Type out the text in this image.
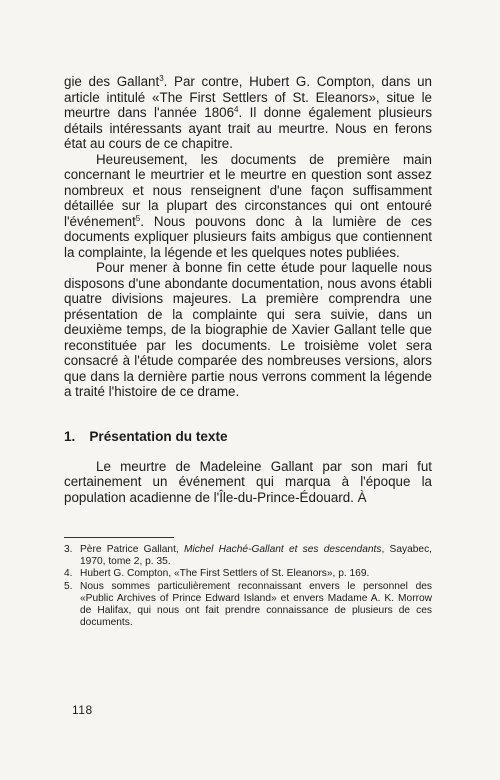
gie des Gallant$^3$. Par contre, Hubert G. Compton, dans un article intitulé «The First Settlers of St. Eleanors», situe le meurtre dans l'année 1806$^4$. Il donne également plusieurs détails intéressants ayant trait au meurtre. Nous en ferons état au cours de ce chapitre.

Heureusement, les documents de première main concernant le meurtrier et le meurtre en question sont assez nombreux et nous renseignent d'une façon suffisamment détaillée sur la plupart des circonstances qui ont entouré l'événement$^5$. Nous pouvons donc à la lumière de ces documents expliquer plusieurs faits ambigus que contiennent la complainte, la légende et les quelques notes publiées.

Pour mener à bonne fin cette étude pour laquelle nous disposons d'une abondante documentation, nous avons établi quatre divisions majeures. La première comprendra une présentation de la complainte qui sera suivie, dans un deuxième temps, de la biographie de Xavier Gallant telle que reconstituée par les documents. Le troisième volet sera consacré à l'étude comparée des nombreuses versions, alors que dans la dernière partie nous verrons comment la légende a traité l'histoire de ce drame.

1. Présentation du texte

Le meurtre de Madeleine Gallant par son mari fut certainement un événement qui marqua à l'époque la population acadienne de l'Île-du-Prince-Édouard. À

3. Père Patrice Gallant, Michel Haché-Gallant et ses descendants, Sayabec, 1970, tome 2, p. 35.
4. Hubert G. Compton, «The First Settlers of St. Eleanors», p. 169.
5. Nous sommes particulièrement reconnaissant envers le personnel des «Public Archives of Prince Edward Island» et envers Madame A. K. Morrow de Halifax, qui nous ont fait prendre connaissance de plusieurs de ces documents.
118
